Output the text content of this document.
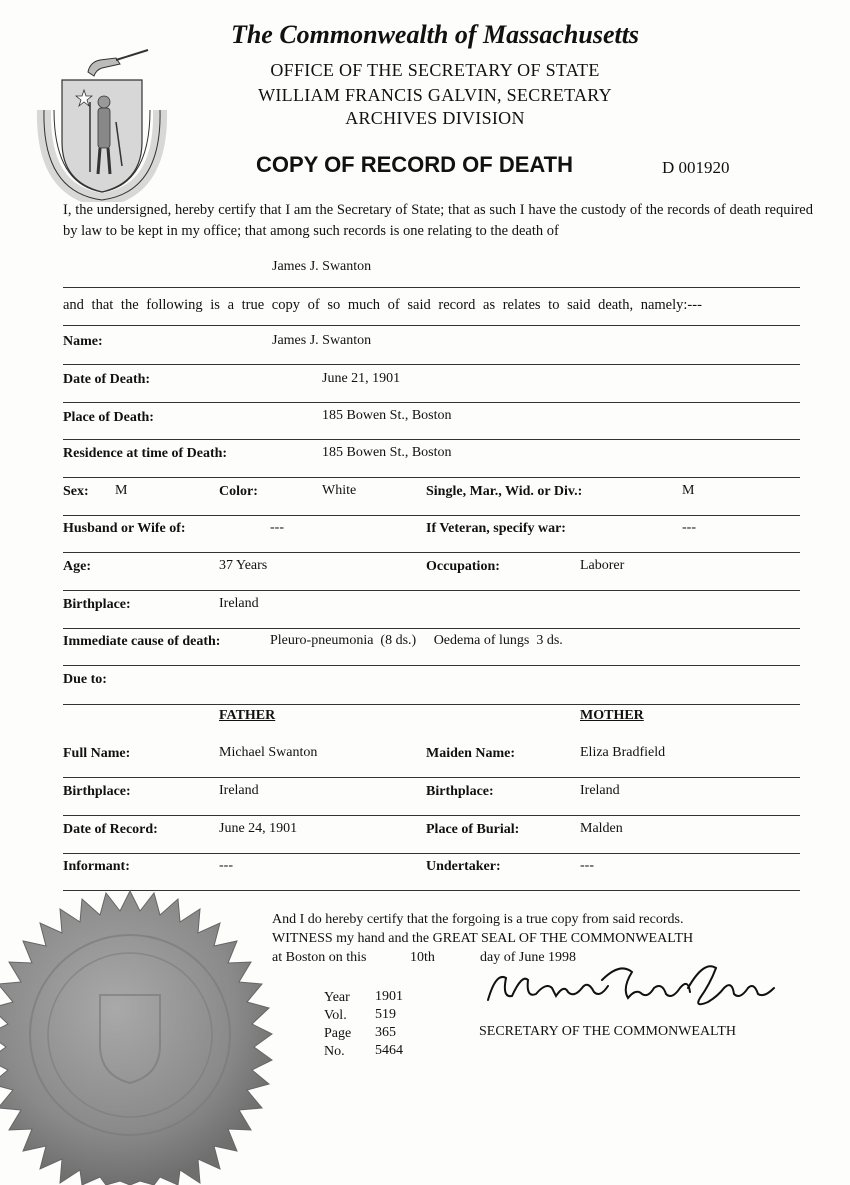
The Commonwealth of Massachusetts
OFFICE OF THE SECRETARY OF STATE
WILLIAM FRANCIS GALVIN, SECRETARY
ARCHIVES DIVISION
COPY OF RECORD OF DEATH	D 001920
I, the undersigned, hereby certify that I am the Secretary of State; that as such I have the custody of the records of death required by law to be kept in my office; that among such records is one relating to the death of
James J. Swanton
and that the following is a true copy of so much of said record as relates to said death, namely:---
Name:	James J. Swanton
Date of Death:	June 21, 1901
Place of Death:	185 Bowen St., Boston
Residence at time of Death:	185 Bowen St., Boston
Sex: M	Color:	White	Single, Mar., Wid. or Div.:	M
Husband or Wife of:	---	If Veteran, specify war:	---
Age:	37 Years	Occupation:	Laborer
Birthplace:	Ireland
Immediate cause of death:	Pleuro-pneumonia  (8 ds.)     Oedema of lungs  3 ds.
Due to:
FATHER	MOTHER
Full Name:	Michael Swanton	Maiden Name:	Eliza Bradfield
Birthplace:	Ireland	Birthplace:	Ireland
Date of Record:	June 24, 1901	Place of Burial:	Malden
Informant:	---	Undertaker:	---
And I do hereby certify that the forgoing is a true copy from said records.
WITNESS my hand and the GREAT SEAL OF THE COMMONWEALTH
at Boston on this	10th	day of June 1998
Year 1901
Vol. 519
Page 365
No. 5464
SECRETARY OF THE COMMONWEALTH
